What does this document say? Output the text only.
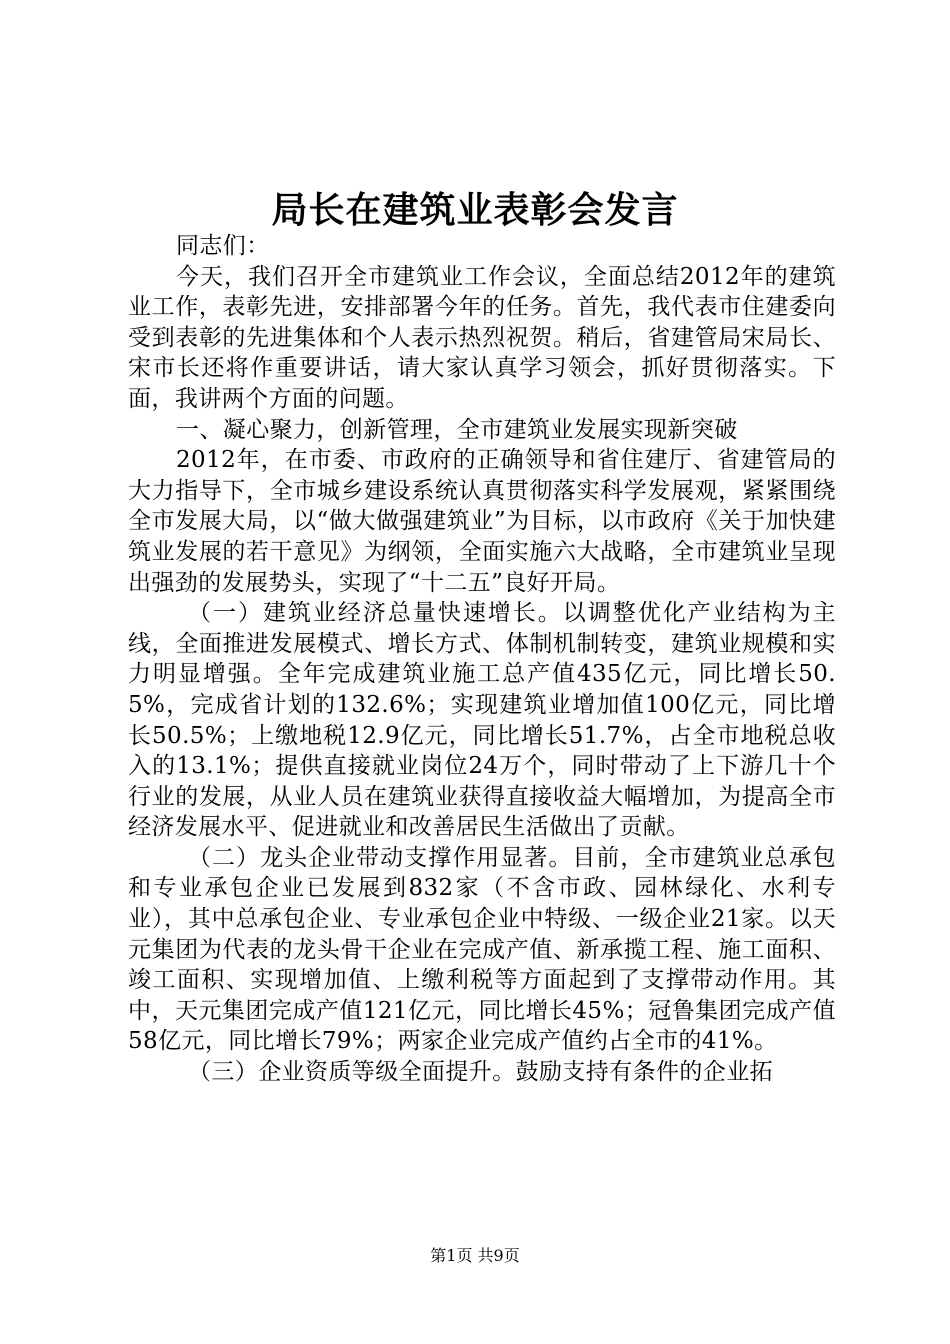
局长在建筑业表彰会发言

同志们：

今天，我们召开全市建筑业工作会议，全面总结2012年的建筑业工作，表彰先进，安排部署今年的任务。首先，我代表市住建委向受到表彰的先进集体和个人表示热烈祝贺。稍后，省建管局宋局长、宋市长还将作重要讲话，请大家认真学习领会，抓好贯彻落实。下面，我讲两个方面的问题。

一、凝心聚力，创新管理，全市建筑业发展实现新突破

2012年，在市委、市政府的正确领导和省住建厅、省建管局的大力指导下，全市城乡建设系统认真贯彻落实科学发展观，紧紧围绕全市发展大局，以“做大做强建筑业”为目标，以市政府《关于加快建筑业发展的若干意见》为纲领，全面实施六大战略，全市建筑业呈现出强劲的发展势头，实现了“十二五”良好开局。

（一）建筑业经济总量快速增长。以调整优化产业结构为主线，全面推进发展模式、增长方式、体制机制转变，建筑业规模和实力明显增强。全年完成建筑业施工总产值435亿元，同比增长50.5%，完成省计划的132.6%；实现建筑业增加值100亿元，同比增长50.5%；上缴地税12.9亿元，同比增长51.7%，占全市地税总收入的13.1%；提供直接就业岗位24万个，同时带动了上下游几十个行业的发展，从业人员在建筑业获得直接收益大幅增加，为提高全市经济发展水平、促进就业和改善居民生活做出了贡献。

（二）龙头企业带动支撑作用显著。目前，全市建筑业总承包和专业承包企业已发展到832家（不含市政、园林绿化、水利专业），其中总承包企业、专业承包企业中特级、一级企业21家。以天元集团为代表的龙头骨干企业在完成产值、新承揽工程、施工面积、竣工面积、实现增加值、上缴利税等方面起到了支撑带动作用。其中，天元集团完成产值121亿元，同比增长45%；冠鲁集团完成产值58亿元，同比增长79%；两家企业完成产值约占全市的41%。

（三）企业资质等级全面提升。鼓励支持有条件的企业拓

第1页 共9页
